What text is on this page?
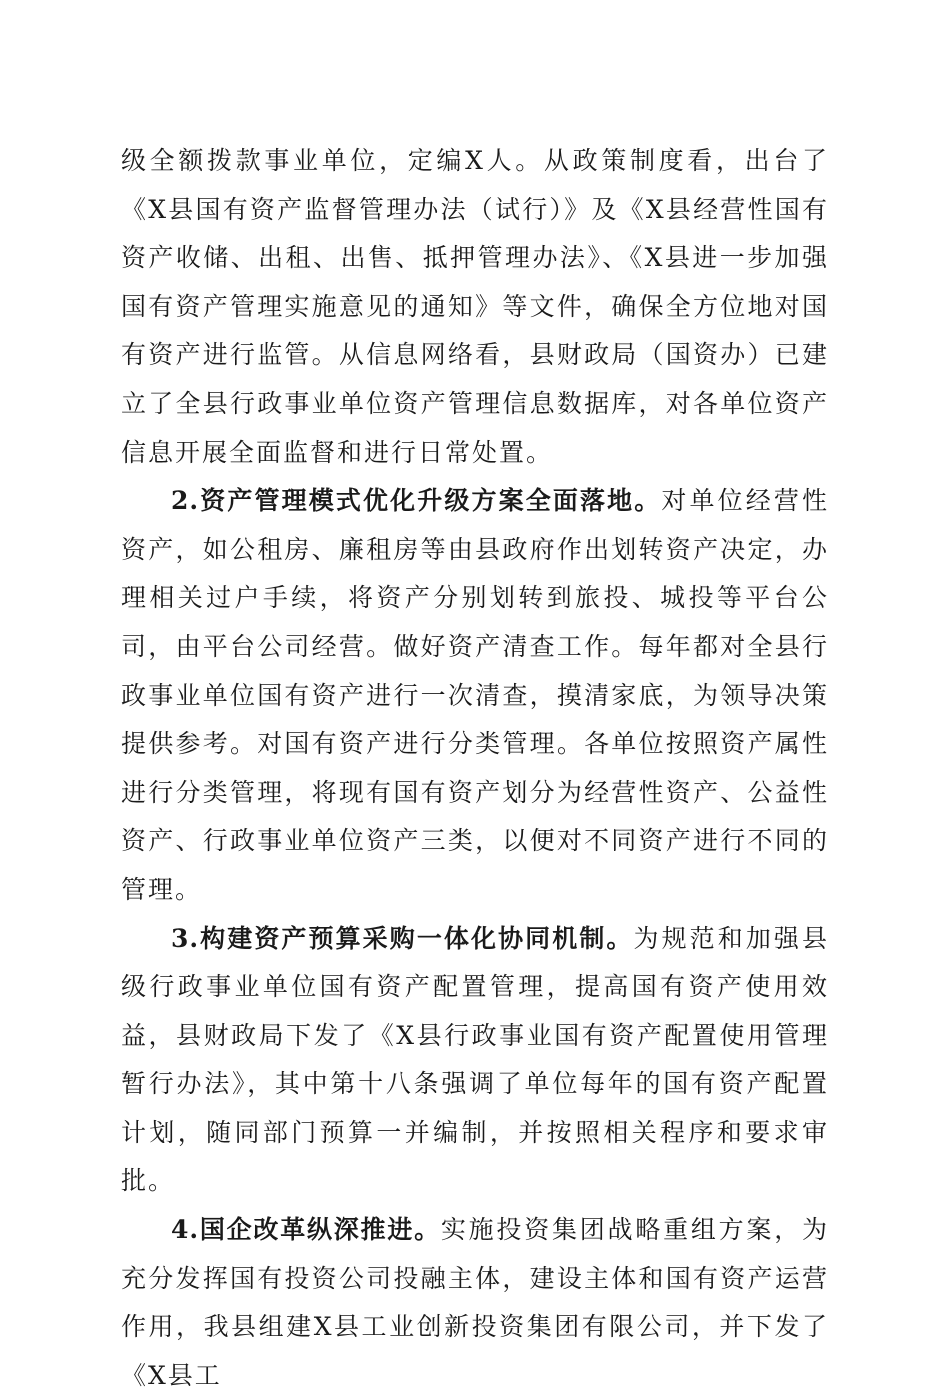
级全额拨款事业单位，定编X人。从政策制度看，出台了《X县国有资产监督管理办法（试行）》及《X县经营性国有资产收储、出租、出售、抵押管理办法》、《X县进一步加强国有资产管理实施意见的通知》等文件，确保全方位地对国有资产进行监管。从信息网络看，县财政局（国资办）已建立了全县行政事业单位资产管理信息数据库，对各单位资产信息开展全面监督和进行日常处置。

2.资产管理模式优化升级方案全面落地。对单位经营性资产，如公租房、廉租房等由县政府作出划转资产决定，办理相关过户手续，将资产分别划转到旅投、城投等平台公司，由平台公司经营。做好资产清查工作。每年都对全县行政事业单位国有资产进行一次清查，摸清家底，为领导决策提供参考。对国有资产进行分类管理。各单位按照资产属性进行分类管理，将现有国有资产划分为经营性资产、公益性资产、行政事业单位资产三类，以便对不同资产进行不同的管理。

3.构建资产预算采购一体化协同机制。为规范和加强县级行政事业单位国有资产配置管理，提高国有资产使用效益，县财政局下发了《X县行政事业国有资产配置使用管理暂行办法》，其中第十八条强调了单位每年的国有资产配置计划，随同部门预算一并编制，并按照相关程序和要求审批。

4.国企改革纵深推进。实施投资集团战略重组方案，为充分发挥国有投资公司投融主体，建设主体和国有资产运营作用，我县组建X县工业创新投资集团有限公司，并下发了《X县工
